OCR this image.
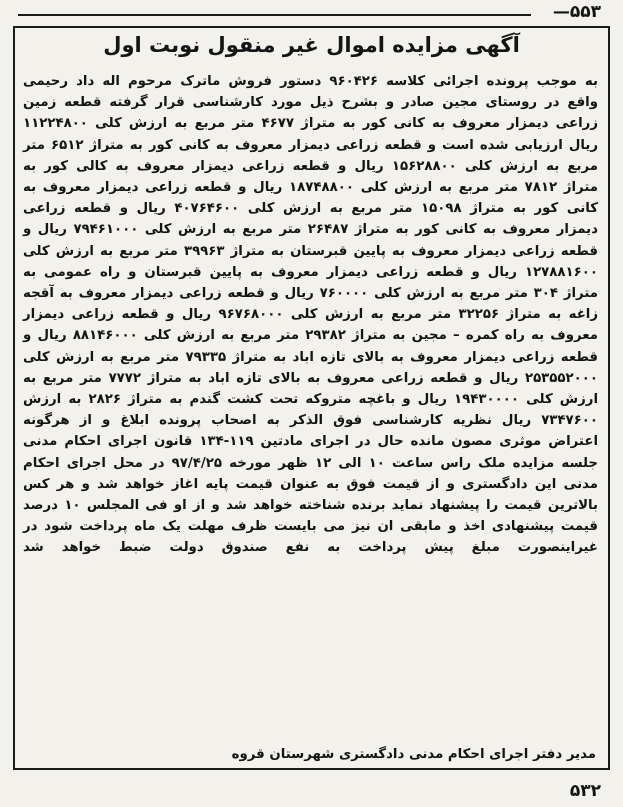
۵۵۳—
آگهی مزایده اموال غیر منقول نوبت اول
به موجب پرونده اجرائی کلاسه ۹۶۰۴۲۶ دستور فروش ماترک مرحوم اله داد رحیمی واقع در روستای مجین صادر و بشرح ذیل مورد کارشناسی قرار گرفته قطعه زمین زراعی دیمزار معروف به کانی کور به متراژ ۴۶۷۷ متر مربع به ارزش کلی ۱۱۲۲۴۸۰۰ ریال ارزیابی شده است و قطعه زراعی دیمزار معروف به کانی کور به متراژ ۶۵۱۲ متر مربع به ارزش کلی ۱۵۶۲۸۸۰۰ ریال و قطعه زراعی دیمزار معروف به کالی کور به متراژ ۷۸۱۲ متر مربع به ارزش کلی ۱۸۷۴۸۸۰۰ ریال و قطعه زراعی دیمزار معروف به کانی کور به متراژ ۱۵۰۹۸ متر مربع به ارزش کلی ۴۰۷۶۴۶۰۰ ریال و قطعه زراعی دیمزار معروف به کانی کور به متراژ ۲۶۴۸۷ متر مربع به ارزش کلی ۷۹۴۶۱۰۰۰ ریال و قطعه زراعی دیمزار معروف به پایین قبرستان به متراژ ۳۹۹۶۳ متر مربع به ارزش کلی ۱۲۷۸۸۱۶۰۰ ریال و قطعه زراعی دیمزار معروف به پایین قبرستان و راه عمومی به متراژ ۳۰۴ متر مربع به ارزش کلی ۷۶۰۰۰۰ ریال و قطعه زراعی دیمزار معروف به آقجه زاغه به متراژ ۳۲۲۵۶ متر مربع به ارزش کلی ۹۶۷۶۸۰۰۰ ریال و قطعه زراعی دیمزار معروف به راه کمره – مجین به متراژ ۲۹۳۸۲ متر مربع به ارزش کلی ۸۸۱۴۶۰۰۰ ریال و قطعه زراعی دیمزار معروف به بالای تازه اباد به متراژ ۷۹۳۳۵ متر مربع به ارزش کلی ۲۵۳۵۵۲۰۰۰ ریال و قطعه زراعی معروف به بالای تازه اباد به متراژ ۷۷۷۲ متر مربع به ارزش کلی ۱۹۴۳۰۰۰۰ ریال و باغچه متروکه تحت کشت گندم به متراژ ۲۸۲۶ به ارزش ۷۳۴۷۶۰۰ ریال نظریه کارشناسی فوق الذکر به اصحاب پرونده ابلاغ و از هرگونه اعتراض موثری مصون مانده حال در اجرای مادتین ۱۱۹-۱۳۴ قانون اجرای احکام مدنی جلسه مزایده ملک راس ساعت ۱۰ الی ۱۲ ظهر مورخه ۹۷/۴/۲۵ در محل اجرای احکام مدنی این دادگستری و از قیمت فوق به عنوان قیمت پایه اغاز خواهد شد و هر کس بالاترین قیمت را پیشنهاد نماید برنده شناخته خواهد شد و از او فی المجلس ۱۰ درصد قیمت پیشنهادی اخذ و مابقی ان نیز می بایست ظرف مهلت یک ماه پرداخت شود در غیراینصورت مبلغ پیش پرداخت به نفع صندوق دولت ضبط خواهد شد
مدیر دفتر اجرای احکام مدنی دادگستری شهرستان قروه
۵۳۲
